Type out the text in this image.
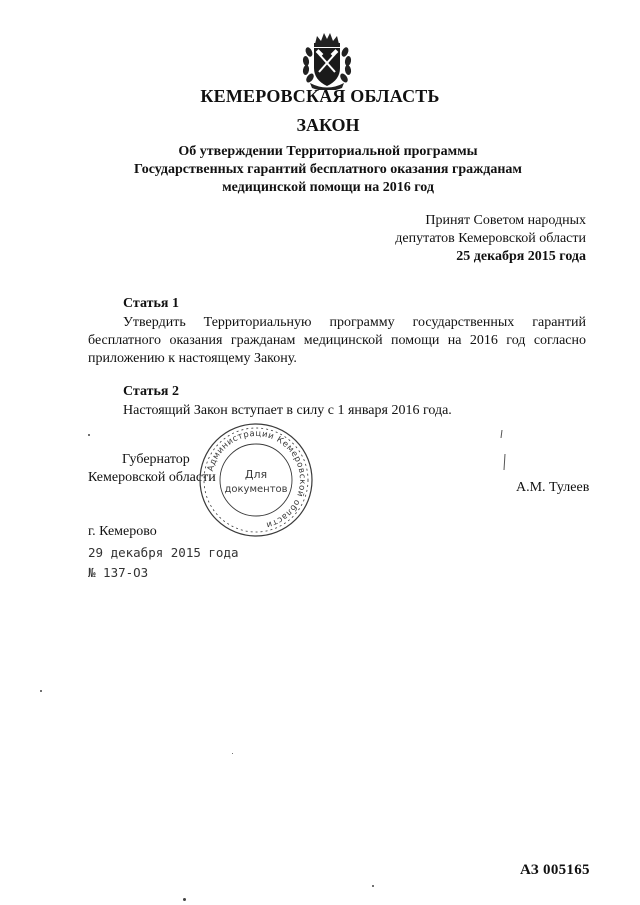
КЕМЕРОВСКАЯ ОБЛАСТЬ
ЗАКОН
Об утверждении Территориальной программы
Государственных гарантий бесплатного оказания гражданам
медицинской помощи на 2016 год
Принят Советом народных
депутатов Кемеровской области
25 декабря 2015 года
Статья 1
Утвердить Территориальную программу государственных гарантий бесплатного оказания гражданам медицинской помощи на 2016 год согласно приложению к настоящему Закону.
Статья 2
Настоящий Закон вступает в силу с 1 января 2016 года.
Губернатор
Кемеровской области
А.М. Тулеев
Администрации Кемеровской области
Для
документов
г. Кемерово
29 декабря 2015 года
№ 137-ОЗ
АЗ 005165
